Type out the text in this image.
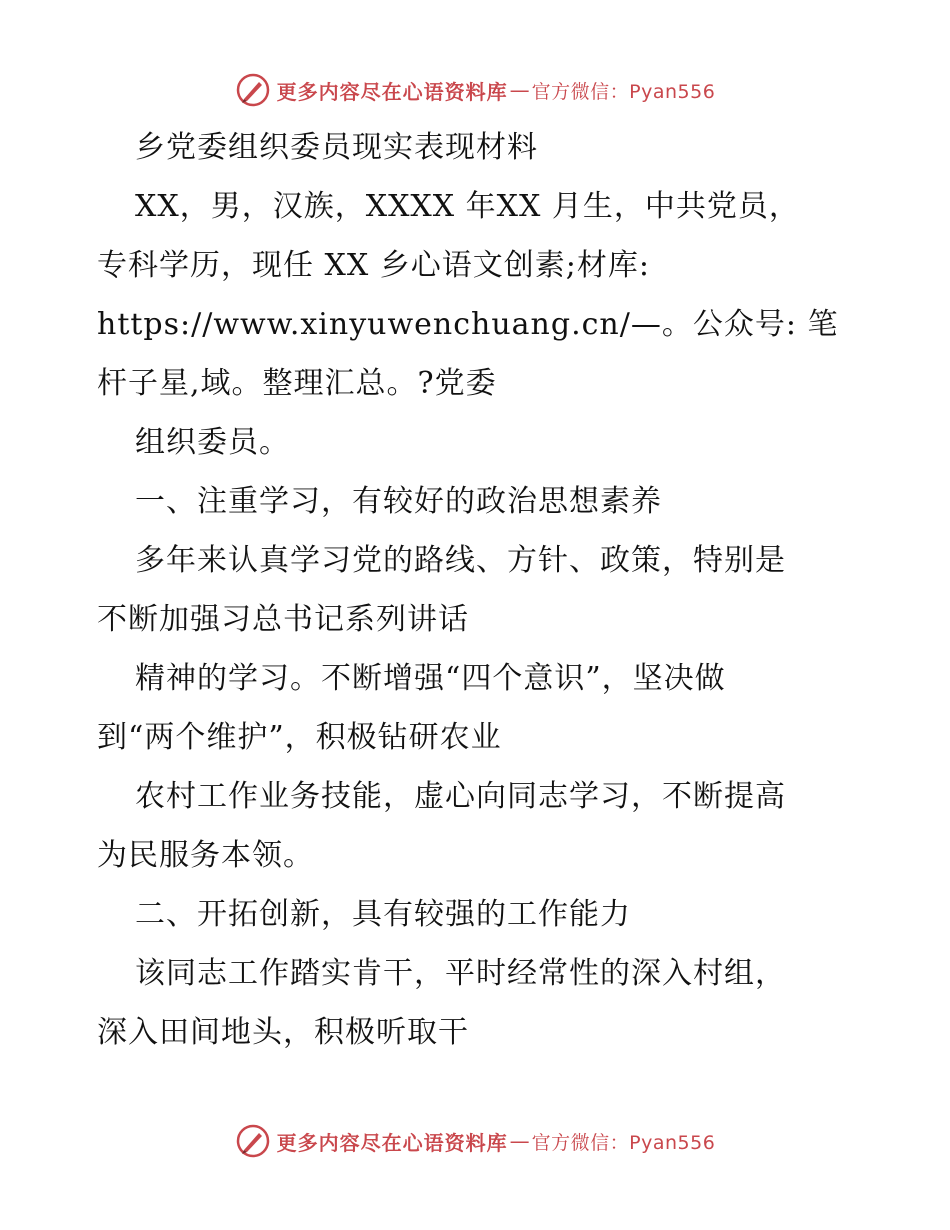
更多内容尽在心语资料库 — 官方微信：Pyan556
乡党委组织委员现实表现材料
XX，男，汉族，XXXX 年XX 月生，中共党员，
专科学历，现任 XX 乡心语文创素;材库:
https://www.xinyuwenchuang.cn/—。公众号: 笔
杆子星,域。整理汇总。?党委
组织委员。
一、注重学习，有较好的政治思想素养
多年来认真学习党的路线、方针、政策，特别是
不断加强习总书记系列讲话
精神的学习。不断增强“四个意识”，坚决做
到“两个维护”，积极钻研农业
农村工作业务技能，虚心向同志学习，不断提高
为民服务本领。
二、开拓创新，具有较强的工作能力
该同志工作踏实肯干，平时经常性的深入村组，
深入田间地头，积极听取干
更多内容尽在心语资料库 — 官方微信：Pyan556
